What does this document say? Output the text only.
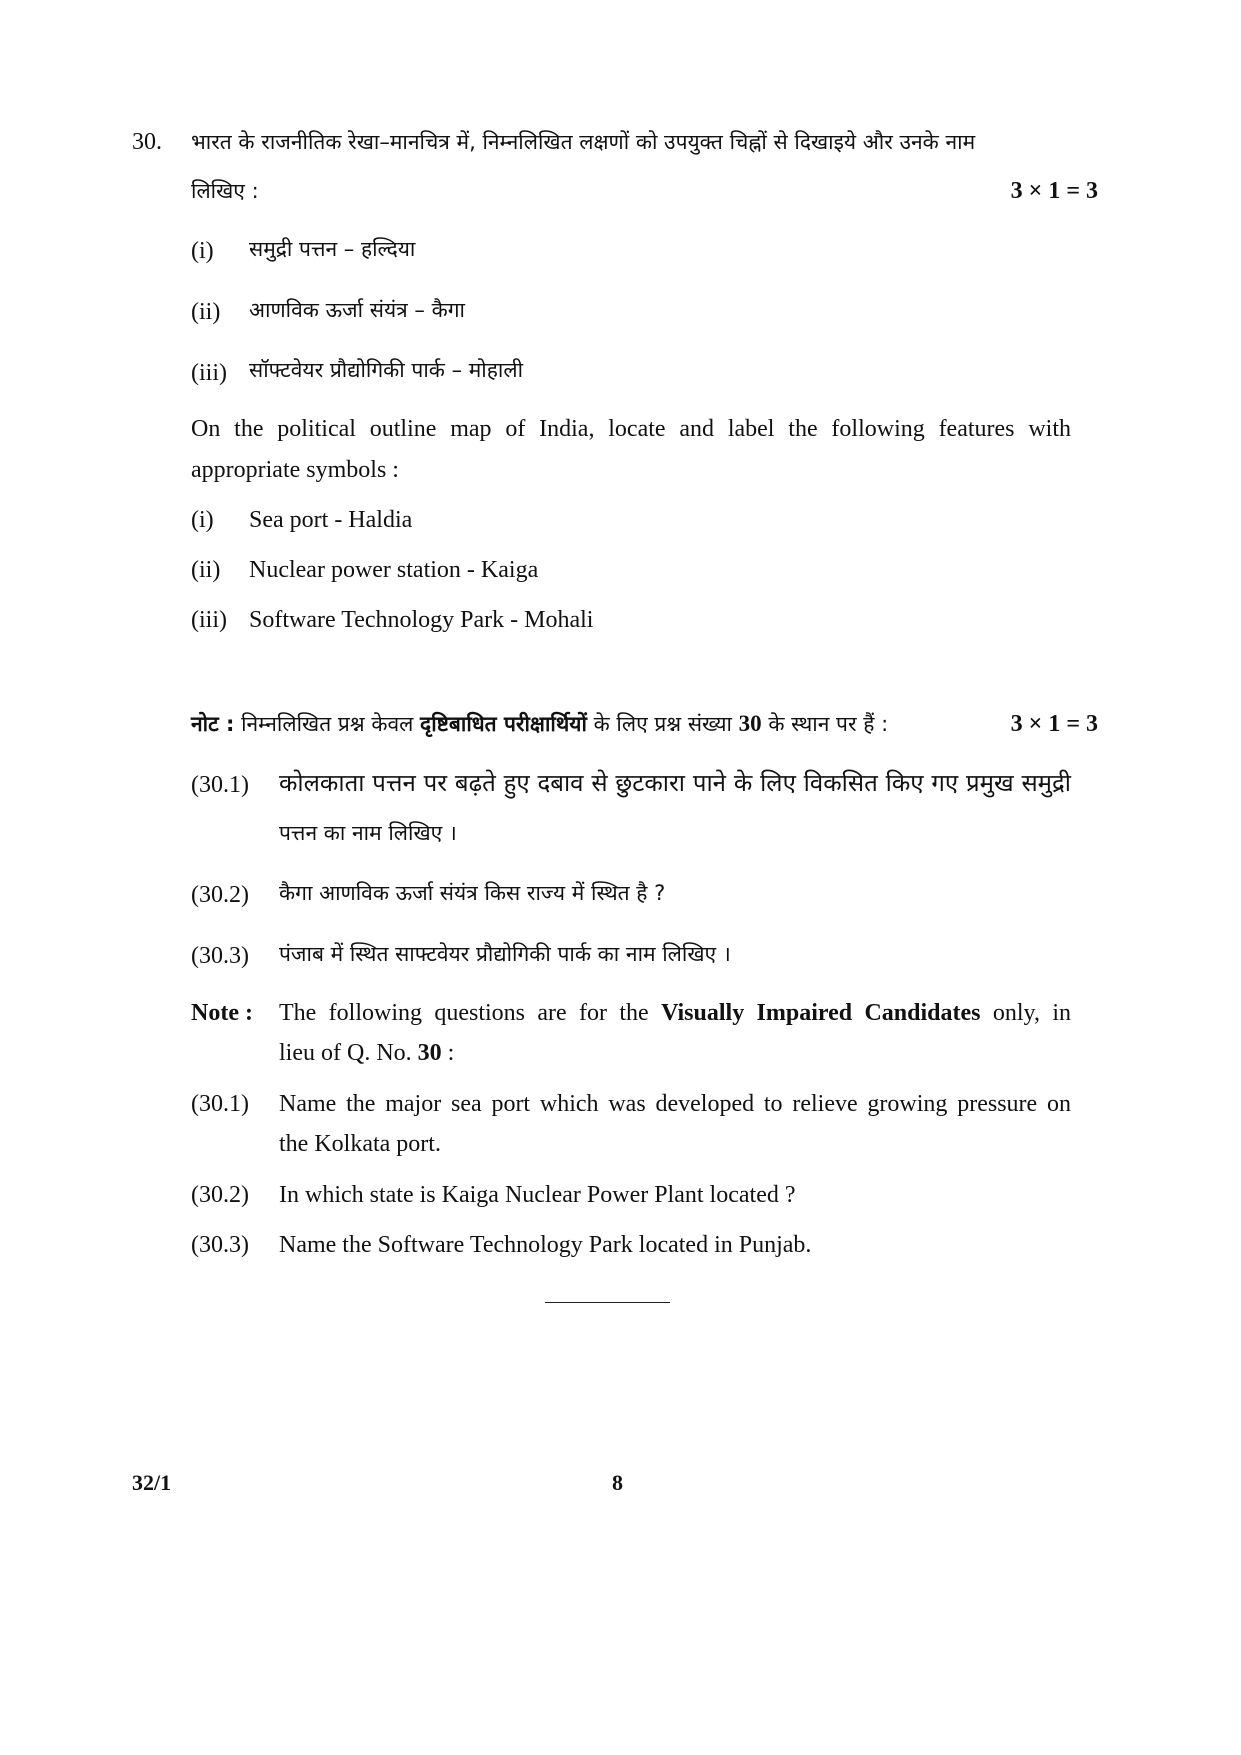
30. भारत के राजनीतिक रेखा–मानचित्र में, निम्नलिखित लक्षणों को उपयुक्त चिह्नों से दिखाइये और उनके नाम
लिखिए :	3 × 1 = 3
(i) समुद्री पत्तन – हल्दिया
(ii) आणविक ऊर्जा संयंत्र – कैगा
(iii) सॉफ्टवेयर प्रौद्योगिकी पार्क – मोहाली
On the political outline map of India, locate and label the following features with
appropriate symbols :
(i) Sea port - Haldia
(ii) Nuclear power station - Kaiga
(iii) Software Technology Park - Mohali
नोट : निम्नलिखित प्रश्न केवल दृष्टिबाधित परीक्षार्थियों के लिए प्रश्न संख्या 30 के स्थान पर हैं :	3 × 1 = 3
(30.1) कोलकाता पत्तन पर बढ़ते हुए दबाव से छुटकारा पाने के लिए विकसित किए गए प्रमुख समुद्री
पत्तन का नाम लिखिए ।
(30.2) कैगा आणविक ऊर्जा संयंत्र किस राज्य में स्थित है ?
(30.3) पंजाब में स्थित साफ्टवेयर प्रौद्योगिकी पार्क का नाम लिखिए ।
Note : The following questions are for the Visually Impaired Candidates only, in
lieu of Q. No. 30 :
(30.1) Name the major sea port which was developed to relieve growing pressure on
the Kolkata port.
(30.2) In which state is Kaiga Nuclear Power Plant located ?
(30.3) Name the Software Technology Park located in Punjab.
32/1	8
